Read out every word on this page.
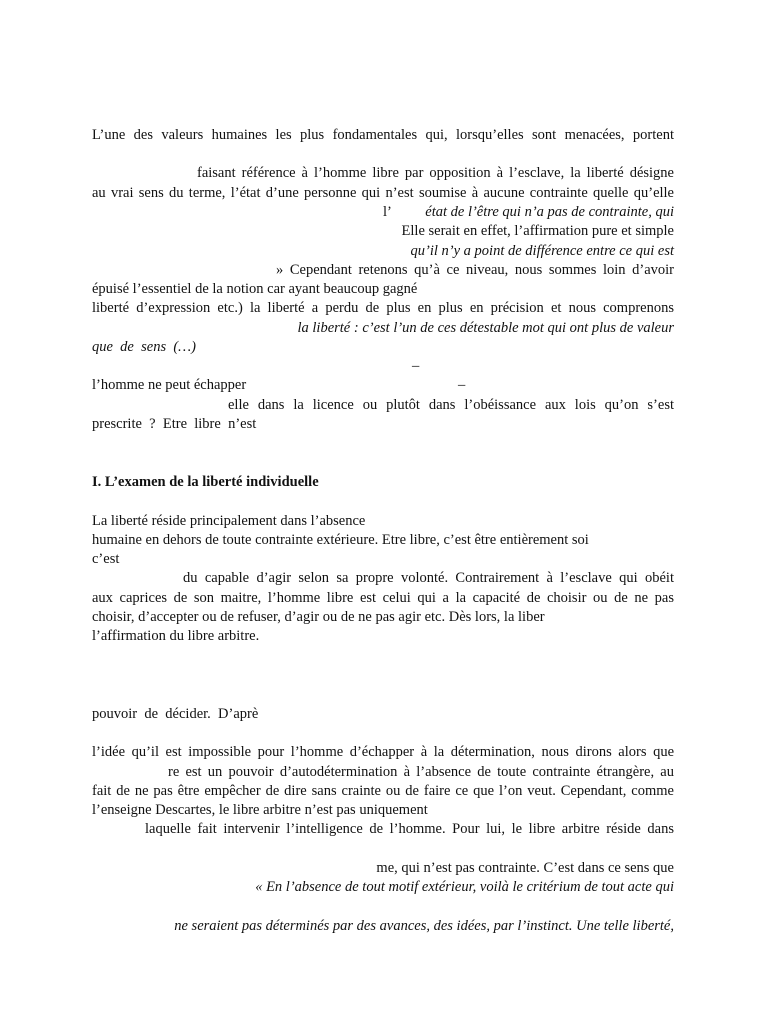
L’une des valeurs humaines les plus fondamentales qui, lorsqu’elles sont menacées, portent
faisant référence à l’homme libre par opposition à l’esclave, la liberté désigne
au vrai sens du terme, l’état d’une personne qui n’est soumise à aucune contrainte quelle qu’elle
l’	état de l’être qui n’a pas de contrainte, qui
Elle serait en effet, l’affirmation pure et simple
qu’il n’y a point de différence entre ce qui est
» Cependant retenons qu’à ce niveau, nous sommes loin d’avoir
épuisé l’essentiel de la notion car ayant beaucoup gagné
liberté d’expression etc.) la liberté a perdu de plus en plus en précision et nous comprenons
la liberté : c’est l’un de ces détestable mot qui ont plus de valeur
que  de  sens  (…)
–
l’homme ne peut échapper	–
elle dans la licence ou plutôt dans l’obéissance aux lois qu’on s’est
prescrite  ?  Etre  libre  n’est
I. L’examen de la liberté individuelle
La liberté réside principalement dans l’absence
humaine en dehors de toute contrainte extérieure. Etre libre, c’est être entièrement soi
c’est
du capable d’agir selon sa propre volonté. Contrairement à l’esclave qui obéit
aux caprices de son maitre, l’homme libre est celui qui a la capacité de choisir ou de ne pas
choisir, d’accepter ou de refuser, d’agir ou de ne pas agir etc. Dès lors, la liber
l’affirmation du libre arbitre.
pouvoir  de  décider.  D’aprè
l’idée qu’il est impossible pour l’homme d’échapper à la détermination, nous dirons alors que
re est un pouvoir d’autodétermination à l’absence de toute contrainte étrangère, au
fait de ne pas être empêcher de dire sans crainte ou de faire ce que l’on veut. Cependant, comme
l’enseigne Descartes, le libre arbitre n’est pas uniquement
laquelle fait intervenir l’intelligence de l’homme. Pour lui, le libre arbitre réside dans
me, qui n’est pas contrainte. C’est dans ce sens que
« En l’absence de tout motif extérieur, voilà le critérium de tout acte qui
ne seraient pas déterminés par des avances, des idées, par l’instinct. Une telle liberté,
